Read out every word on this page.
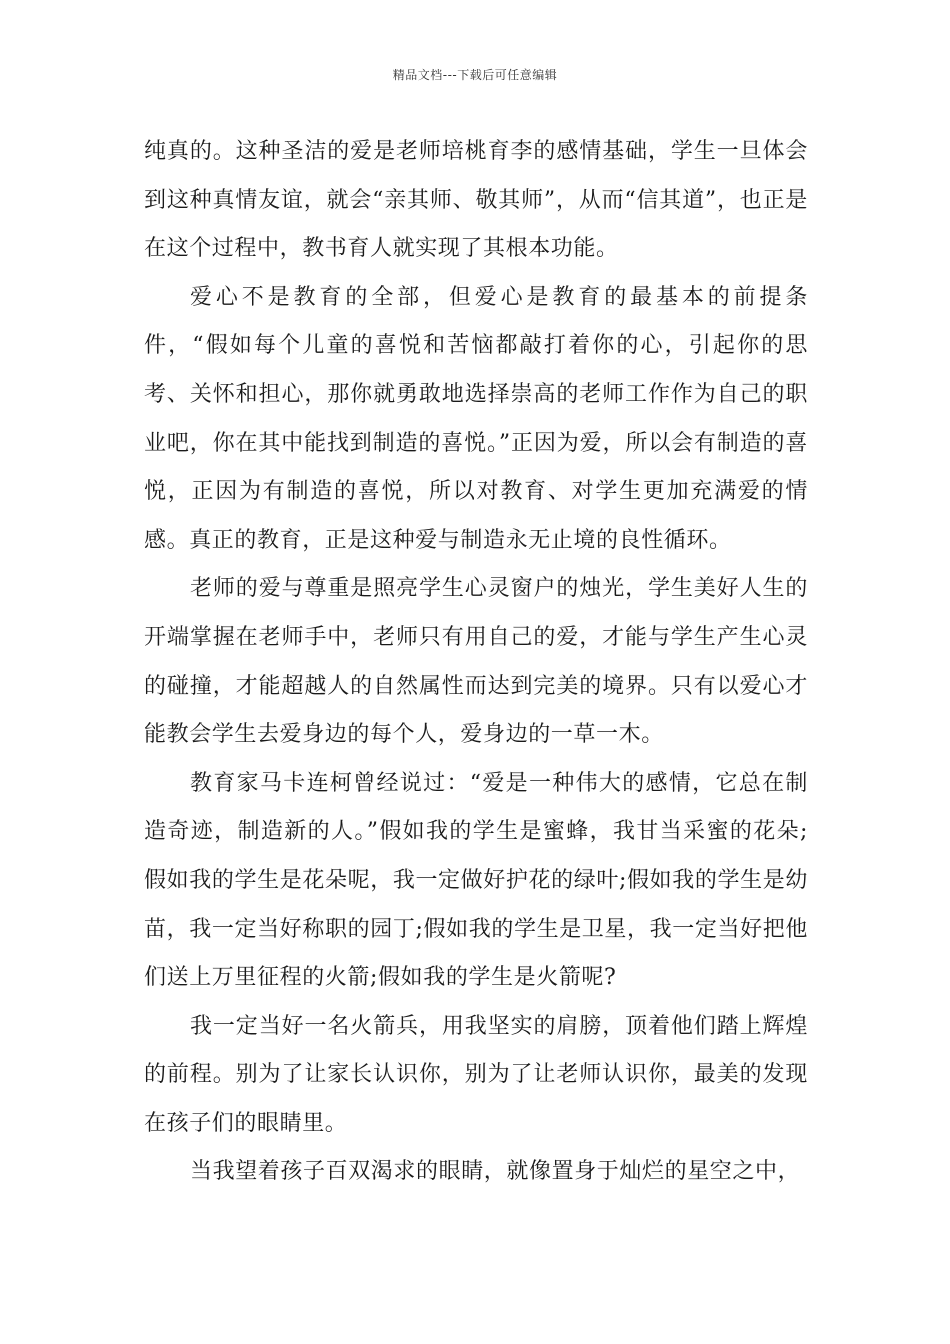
精品文档---下载后可任意编辑

纯真的。这种圣洁的爱是老师培桃育李的感情基础，学生一旦体会到这种真情友谊，就会“亲其师、敬其师”，从而“信其道”，也正是在这个过程中，教书育人就实现了其根本功能。

爱心不是教育的全部，但爱心是教育的最基本的前提条件，“假如每个儿童的喜悦和苦恼都敲打着你的心，引起你的思考、关怀和担心，那你就勇敢地选择崇高的老师工作作为自己的职业吧，你在其中能找到制造的喜悦。”正因为爱，所以会有制造的喜悦，正因为有制造的喜悦，所以对教育、对学生更加充满爱的情感。真正的教育，正是这种爱与制造永无止境的良性循环。

老师的爱与尊重是照亮学生心灵窗户的烛光，学生美好人生的开端掌握在老师手中，老师只有用自己的爱，才能与学生产生心灵的碰撞，才能超越人的自然属性而达到完美的境界。只有以爱心才能教会学生去爱身边的每个人，爱身边的一草一木。

教育家马卡连柯曾经说过：“爱是一种伟大的感情，它总在制造奇迹，制造新的人。”假如我的学生是蜜蜂，我甘当采蜜的花朵;假如我的学生是花朵呢，我一定做好护花的绿叶;假如我的学生是幼苗，我一定当好称职的园丁;假如我的学生是卫星，我一定当好把他们送上万里征程的火箭;假如我的学生是火箭呢?

我一定当好一名火箭兵，用我坚实的肩膀，顶着他们踏上辉煌的前程。别为了让家长认识你，别为了让老师认识你，最美的发现在孩子们的眼睛里。

当我望着孩子百双渴求的眼睛，就像置身于灿烂的星空之中，
